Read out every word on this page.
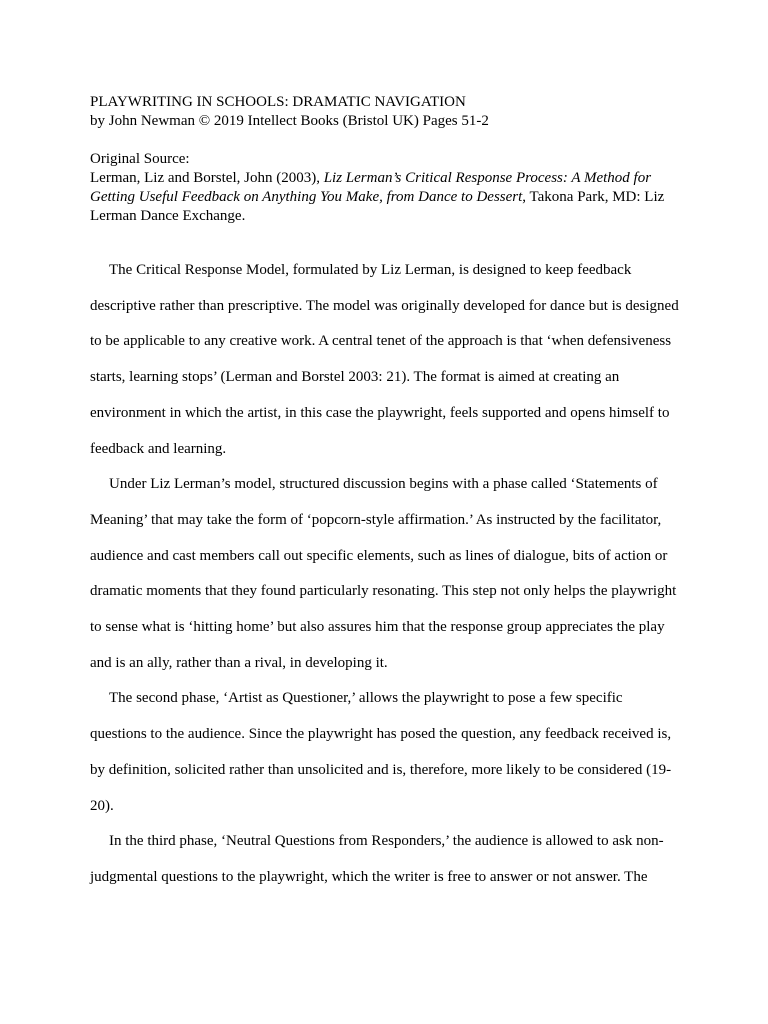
PLAYWRITING IN SCHOOLS: DRAMATIC NAVIGATION

by John Newman © 2019 Intellect Books (Bristol UK) Pages 51-2

Original Source:

Lerman, Liz and Borstel, John (2003), Liz Lerman’s Critical Response Process: A Method for Getting Useful Feedback on Anything You Make, from Dance to Dessert, Takona Park, MD: Liz Lerman Dance Exchange.

The Critical Response Model, formulated by Liz Lerman, is designed to keep feedback descriptive rather than prescriptive. The model was originally developed for dance but is designed to be applicable to any creative work. A central tenet of the approach is that ‘when defensiveness starts, learning stops’ (Lerman and Borstel 2003: 21). The format is aimed at creating an environment in which the artist, in this case the playwright, feels supported and opens himself to feedback and learning.

Under Liz Lerman’s model, structured discussion begins with a phase called ‘Statements of Meaning’ that may take the form of ‘popcorn-style affirmation.’ As instructed by the facilitator, audience and cast members call out specific elements, such as lines of dialogue, bits of action or dramatic moments that they found particularly resonating. This step not only helps the playwright to sense what is ‘hitting home’ but also assures him that the response group appreciates the play and is an ally, rather than a rival, in developing it.

The second phase, ‘Artist as Questioner,’ allows the playwright to pose a few specific questions to the audience. Since the playwright has posed the question, any feedback received is, by definition, solicited rather than unsolicited and is, therefore, more likely to be considered (19-20).

In the third phase, ‘Neutral Questions from Responders,’ the audience is allowed to ask non-judgmental questions to the playwright, which the writer is free to answer or not answer. The
